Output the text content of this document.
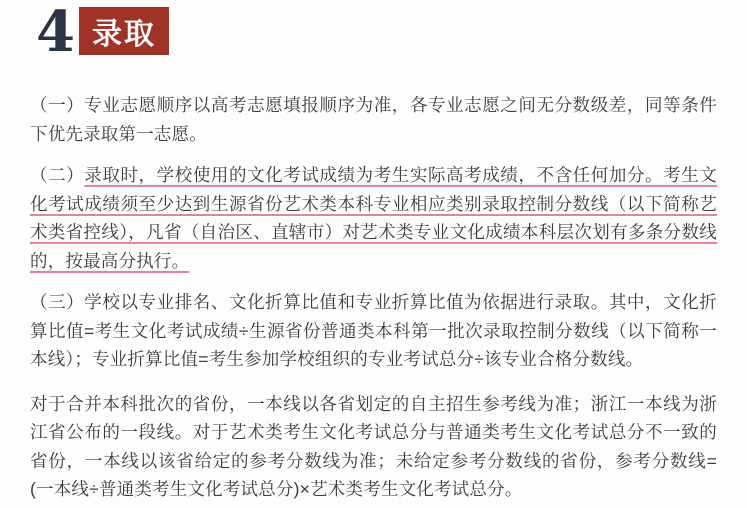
4 录取

（一）专业志愿顺序以高考志愿填报顺序为准，各专业志愿之间无分数级差，同等条件下优先录取第一志愿。

（二）录取时，学校使用的文化考试成绩为考生实际高考成绩，不含任何加分。考生文化考试成绩须至少达到生源省份艺术类本科专业相应类别录取控制分数线（以下简称艺术类省控线），凡省（自治区、直辖市）对艺术类专业文化成绩本科层次划有多条分数线的，按最高分执行。

（三）学校以专业排名、文化折算比值和专业折算比值为依据进行录取。其中，文化折算比值=考生文化考试成绩÷生源省份普通类本科第一批次录取控制分数线（以下简称一本线）；专业折算比值=考生参加学校组织的专业考试总分÷该专业合格分数线。

对于合并本科批次的省份，一本线以各省划定的自主招生参考线为准；浙江一本线为浙江省公布的一段线。对于艺术类考生文化考试总分与普通类考生文化考试总分不一致的省份，一本线以该省给定的参考分数线为准；未给定参考分数线的省份，参考分数线=(一本线÷普通类考生文化考试总分)×艺术类考生文化考试总分。
